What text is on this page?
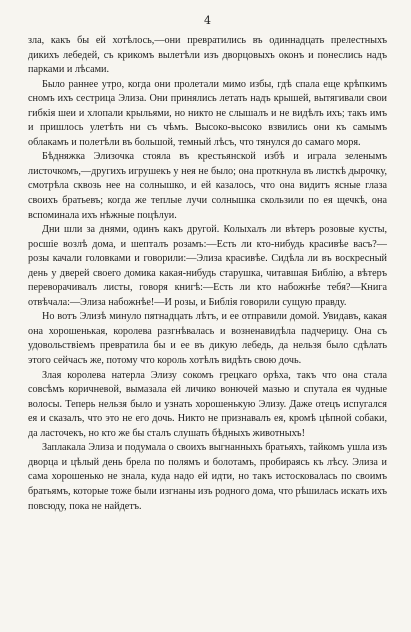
4

зла, какъ бы ей хотѣлось,—они превратились въ одиннадцать прелестныхъ дикихъ лебедей, съ крикомъ вылетѣли изъ дворцовыхъ оконъ и понеслись надъ парками и лѣсами.

Было раннее утро, когда они пролетали мимо избы, гдѣ спала еще крѣпкимъ сномъ ихъ сестрица Элиза. Они принялись летать надъ крышей, вытягивали свои гибкія шеи и хлопали крыльями, но никто не слышалъ и не видѣлъ ихъ; такъ имъ и пришлось улетѣть ни съ чѣмъ. Высоко-высоко взвились они къ самымъ облакамъ и полетѣли въ большой, темный лѣсъ, что тянулся до самаго моря.

Бѣдняжка Элизочка стояла въ крестьянской избѣ и играла зеленымъ листочкомъ,—другихъ игрушекъ у нея не было; она проткнула въ листкѣ дырочку, смотрѣла сквозь нее на солнышко, и ей казалось, что она видитъ ясные глаза своихъ братьевъ; когда же теплые лучи солнышка скользили по ея щечкѣ, она вспоминала ихъ нѣжные поцѣлуи.

Дни шли за днями, одинъ какъ другой. Колыхалъ ли вѣтеръ розовые кусты, росшіе возлѣ дома, и шепталъ розамъ:—Есть ли кто-нибудь красивѣе васъ?—розы качали головками и говорили:—Элиза красивѣе. Сидѣла ли въ воскресный день у дверей своего домика какая-нибудь старушка, читавшая Библію, а вѣтеръ переворачивалъ листы, говоря книгѣ:—Есть ли кто набожнѣе тебя?—Книга отвѣчала:—Элиза набожнѣе!—И розы, и Библія говорили сущую правду.

Но вотъ Элизѣ минуло пятнадцать лѣтъ, и ее отправили домой. Увидавъ, какая она хорошенькая, королева разгнѣвалась и возненавидѣла падчерицу. Она съ удовольствіемъ превратила бы и ее въ дикую лебедь, да нельзя было сдѣлать этого сейчасъ же, потому что король хотѣлъ видѣть свою дочь.

Злая королева натерла Элизу сокомъ грецкаго орѣха, такъ что она стала совсѣмъ коричневой, вымазала ей личико вонючей мазью и спутала ея чудные волосы. Теперь нельзя было и узнать хорошенькую Элизу. Даже отецъ испугался ея и сказалъ, что это не его дочь. Никто не признавалъ ея, кромѣ цѣпной собаки, да ласточекъ, но кто же бы сталъ слушать бѣдныхъ животныхъ!

Заплакала Элиза и подумала о своихъ выгнанныхъ братьяхъ, тайкомъ ушла изъ дворца и цѣлый день брела по полямъ и болотамъ, пробираясь къ лѣсу. Элиза и сама хорошенько не знала, куда надо ей идти, но такъ истосковалась по своимъ братьямъ, которые тоже были изгнаны изъ родного дома, что рѣшилась искать ихъ повсюду, пока не найдетъ.
